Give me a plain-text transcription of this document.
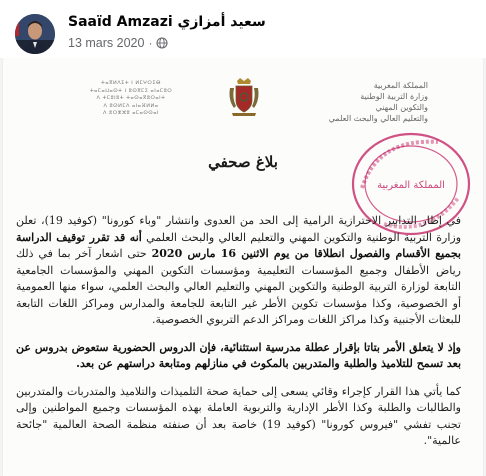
Saaïd Amzazi سعيد أمزازي
13 mars 2020 ·
ⵜⴰⴳⵍⴷⵉⵜ ⵏ ⵍⵎⵖⵔⵉⴱ
ⵜⴰⵎⴰⵡⴰⵙⵜ ⵏ ⵓⵙⴳⵎⵉ ⴰⵏⴰⵎⵓⵔ
ⴷ ⵜⵎⵓⵏⵓⵜ ⵜⴰⵙⴰⴳⵓⵔⴰⵏⵜ
ⴷ ⵓⵙⵍⵎⴷ ⴰⵏⴰⴼⵍⵍⴰ
ⴷ ⵓⵔⵣⵣⵓ ⴰⵎⴰⵙⵙⴰⵏ
المملكة المغربية
وزارة التربية الوطنية
والتكوين المهني
والتعليم العالي والبحث العلمي
المملكة المغربية
بلاغ صحفي

في إطار التدابير الاحترازية الرامية إلى الحد من العدوى وانتشار "وباء كورونا" (كوفيد 19)، تعلن وزارة التربية الوطنية والتكوين المهني والتعليم العالي والبحث العلمي أنه قد تقرر توقيف الدراسة بجميع الأقسام والفصول انطلاقا من يوم الاثنين 16 مارس 2020 حتى اشعار آخر بما في ذلك رياض الأطفال وجميع المؤسسات التعليمية ومؤسسات التكوين المهني والمؤسسات الجامعية التابعة لوزارة التربية الوطنية والتكوين المهني والتعليم العالي والبحث العلمي، سواء منها العمومية أو الخصوصية، وكذا مؤسسات تكوين الأطر غير التابعة للجامعة والمدارس ومراكز اللغات التابعة للبعثات الأجنبية وكذا مراكز اللغات ومراكز الدعم التربوي الخصوصية.

وإذ لا يتعلق الأمر بتاتا بإقرار عطلة مدرسية استثنائية، فإن الدروس الحضورية ستعوض بدروس عن بعد تسمح للتلاميذ والطلبة والمتدربين بالمكوث في منازلهم ومتابعة دراستهم عن بعد.

كما يأتي هذا القرار كإجراء وقائي يسعى إلى حماية صحة التلميذات والتلاميذ والمتدربات والمتدربين والطالبات والطلبة وكذا الأطر الإدارية والتربوية العاملة بهذه المؤسسات وجميع المواطنين وإلى تجنب تفشي "فيروس كورونا" (كوفيد 19) خاصة بعد أن صنفته منظمة الصحة العالمية "جائحة عالمية".
